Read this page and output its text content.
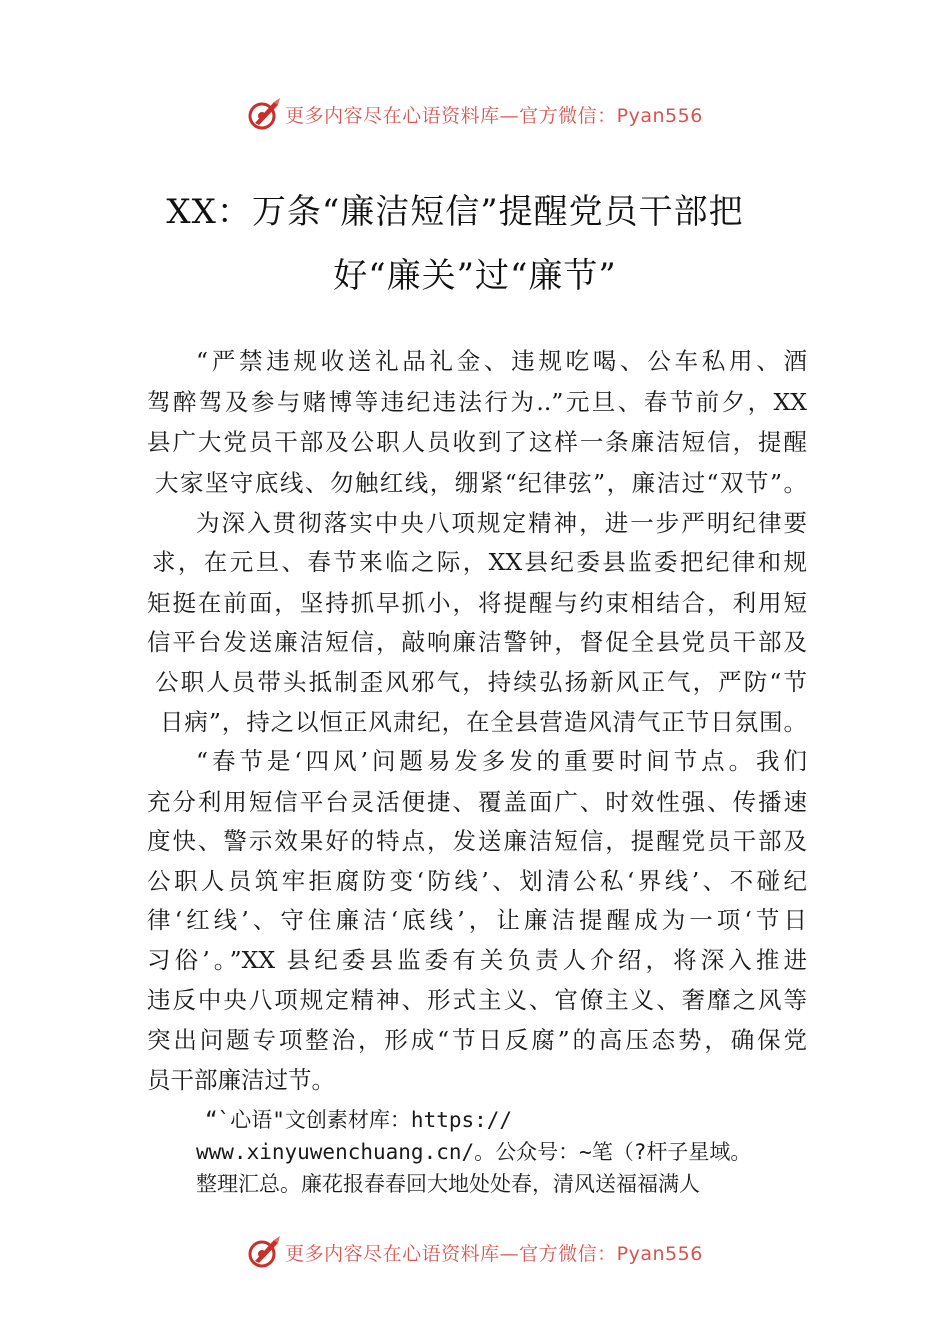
更多内容尽在心语资料库—官方微信：Pyan556
XX：万条“廉洁短信”提醒党员干部把
好“廉关”过“廉节”
“严禁违规收送礼品礼金、违规吃喝、公车私用、酒
驾醉驾及参与赌博等违纪违法行为..”元旦、春节前夕，XX
县广大党员干部及公职人员收到了这样一条廉洁短信，提醒
大家坚守底线、勿触红线，绷紧“纪律弦”，廉洁过“双节”。
为深入贯彻落实中央八项规定精神，进一步严明纪律要
求，在元旦、春节来临之际，XX县纪委县监委把纪律和规
矩挺在前面，坚持抓早抓小，将提醒与约束相结合，利用短
信平台发送廉洁短信，敲响廉洁警钟，督促全县党员干部及
公职人员带头抵制歪风邪气，持续弘扬新风正气，严防“节
日病”，持之以恒正风肃纪，在全县营造风清气正节日氛围。
“春节是‘四风’问题易发多发的重要时间节点。我们
充分利用短信平台灵活便捷、覆盖面广、时效性强、传播速
度快、警示效果好的特点，发送廉洁短信，提醒党员干部及
公职人员筑牢拒腐防变‘防线’、划清公私‘界线’、不碰纪
律‘红线’、守住廉洁‘底线’，让廉洁提醒成为一项‘节日
习俗’。”XX 县纪委县监委有关负责人介绍，将深入推进
违反中央八项规定精神、形式主义、官僚主义、奢靡之风等
突出问题专项整治，形成“节日反腐”的高压态势，确保党
员干部廉洁过节。
“`心语"文创素材库：https://
www.xinyuwenchuang.cn/。公众号：~笔（?杆子星域。
整理汇总。廉花报春春回大地处处春，清风送福福满人
更多内容尽在心语资料库—官方微信：Pyan556
